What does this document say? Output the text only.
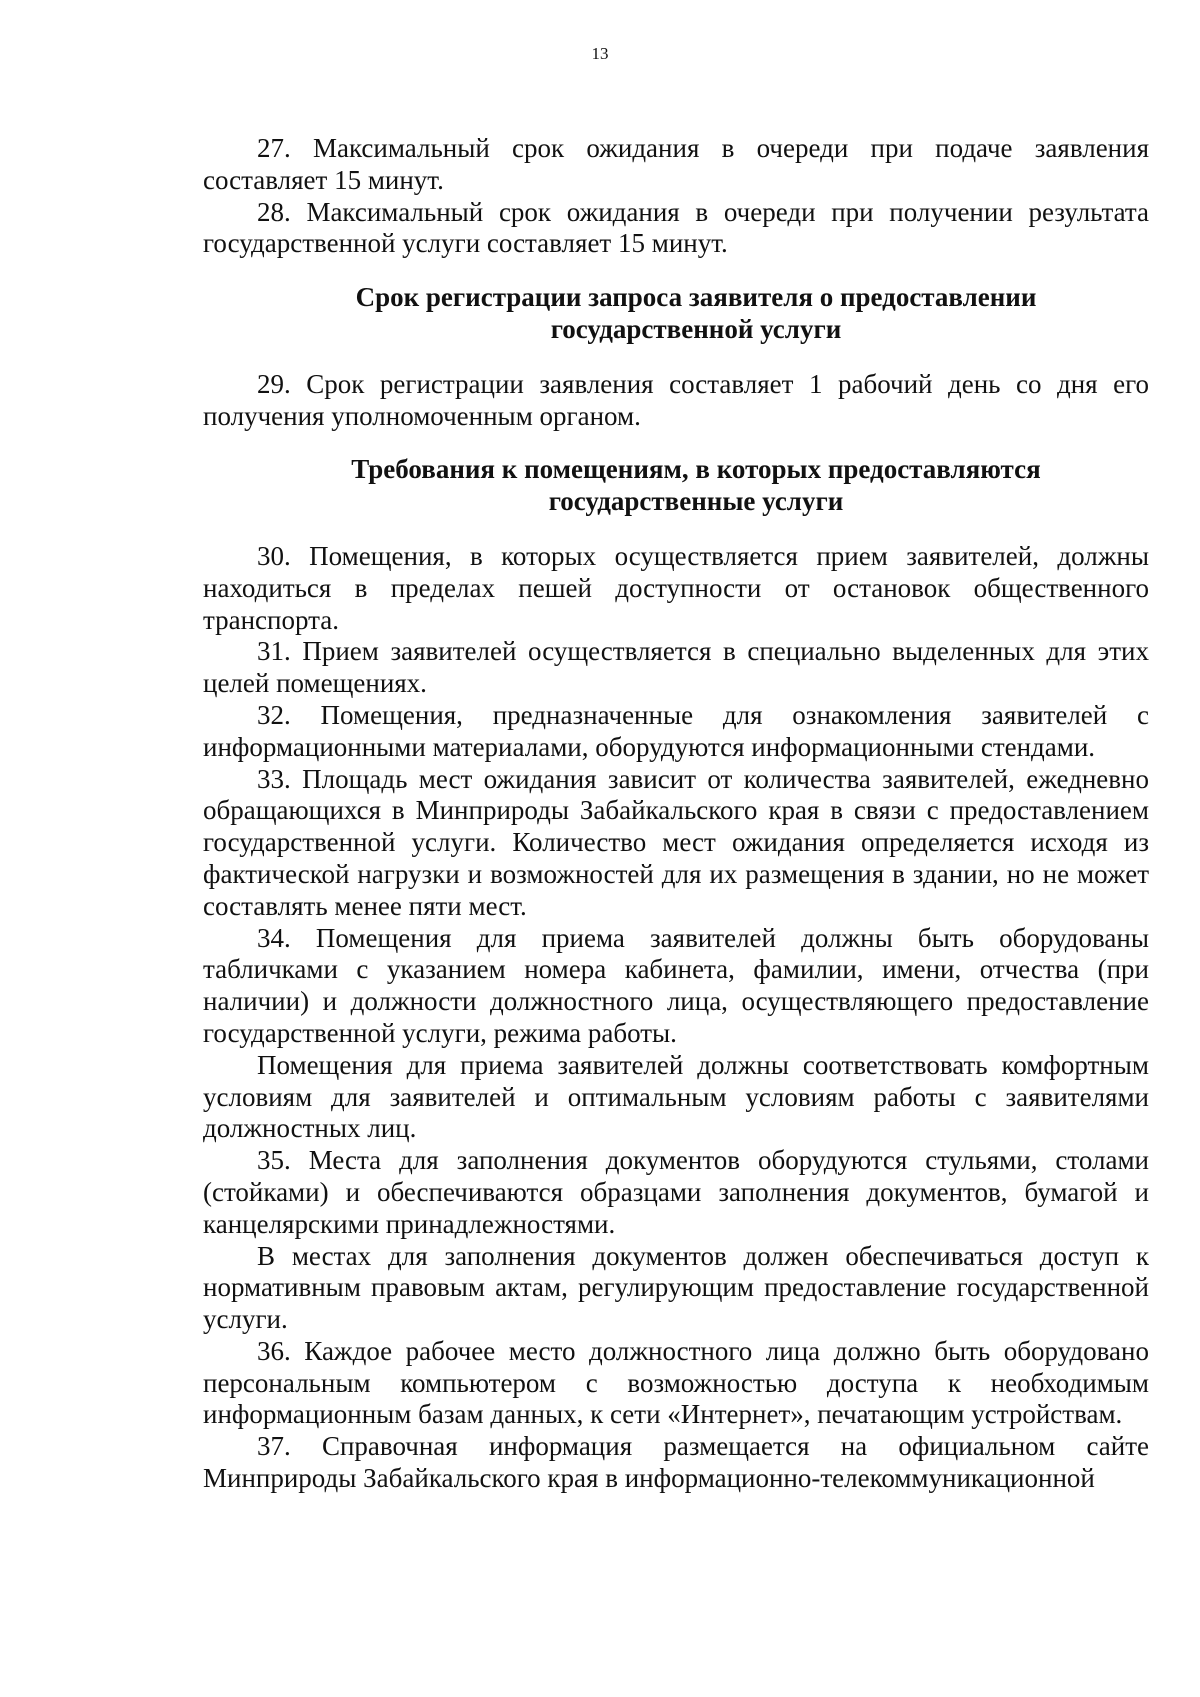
13

27. Максимальный срок ожидания в очереди при подаче заявления составляет 15 минут.

28. Максимальный срок ожидания в очереди при получении результата государственной услуги составляет 15 минут.

Срок регистрации запроса заявителя о предоставлении
государственной услуги

29. Срок регистрации заявления составляет 1 рабочий день со дня его получения уполномоченным органом.

Требования к помещениям, в которых предоставляются
государственные услуги

30. Помещения, в которых осуществляется прием заявителей, должны находиться в пределах пешей доступности от остановок общественного транспорта.

31. Прием заявителей осуществляется в специально выделенных для этих целей помещениях.

32. Помещения, предназначенные для ознакомления заявителей с информационными материалами, оборудуются информационными стендами.

33. Площадь мест ожидания зависит от количества заявителей, ежедневно обращающихся в Минприроды Забайкальского края в связи с предоставлением государственной услуги. Количество мест ожидания определяется исходя из фактической нагрузки и возможностей для их размещения в здании, но не может составлять менее пяти мест.

34. Помещения для приема заявителей должны быть оборудованы табличками с указанием номера кабинета, фамилии, имени, отчества (при наличии) и должности должностного лица, осуществляющего предоставление государственной услуги, режима работы.

Помещения для приема заявителей должны соответствовать комфортным условиям для заявителей и оптимальным условиям работы с заявителями должностных лиц.

35. Места для заполнения документов оборудуются стульями, столами (стойками) и обеспечиваются образцами заполнения документов, бумагой и канцелярскими принадлежностями.

В местах для заполнения документов должен обеспечиваться доступ к нормативным правовым актам, регулирующим предоставление государственной услуги.

36. Каждое рабочее место должностного лица должно быть оборудовано персональным компьютером с возможностью доступа к необходимым информационным базам данных, к сети «Интернет», печатающим устройствам.

37. Справочная информация размещается на официальном сайте Минприроды Забайкальского края в информационно-телекоммуникационной
